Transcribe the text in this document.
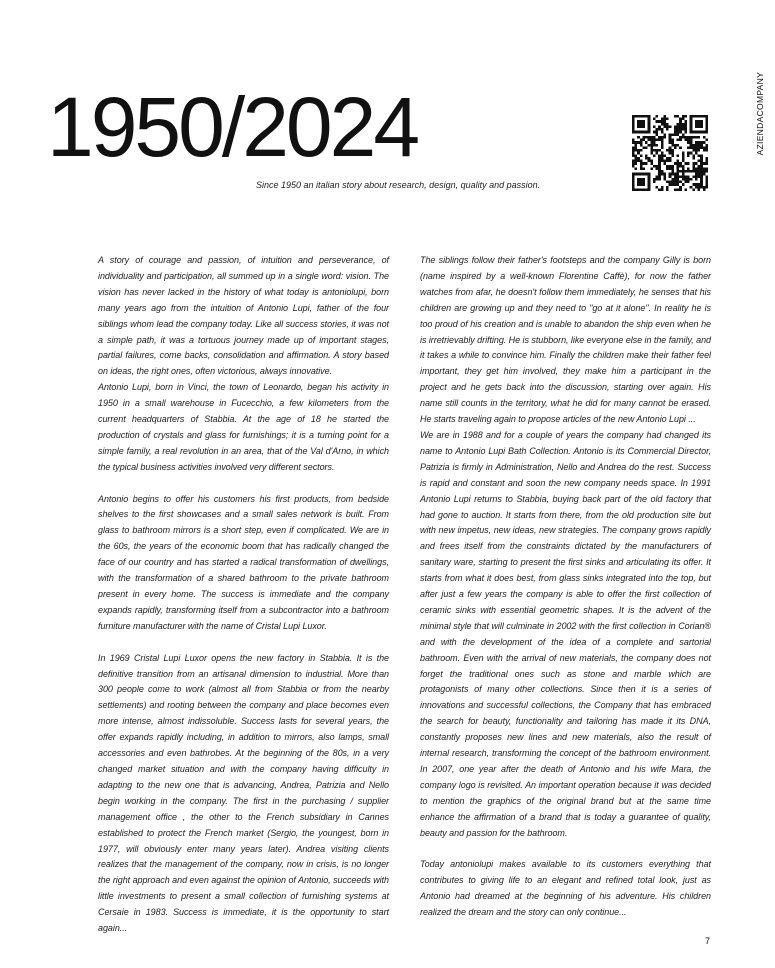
AZIENDA
COMPANY
1950/2024
Since 1950 an italian story about research, design, quality and passion.

A story of courage and passion, of intuition and perseverance, of individuality and participation, all summed up in a single word: vision. The vision has never lacked in the history of what today is antoniolupi, born many years ago from the intuition of Antonio Lupi, father of the four siblings whom lead the company today. Like all success stories, it was not a simple path, it was a tortuous journey made up of important stages, partial failures, come backs, consolidation and affirmation. A story based on ideas, the right ones, often victorious, always innovative.

Antonio Lupi, born in Vinci, the town of Leonardo, began his activity in 1950 in a small warehouse in Fucecchio, a few kilometers from the current headquarters of Stabbia. At the age of 18 he started the production of crystals and glass for furnishings; it is a turning point for a simple family, a real revolution in an area, that of the Val d'Arno, in which the typical business activities involved very different sectors.

Antonio begins to offer his customers his first products, from bedside shelves to the first showcases and a small sales network is built. From glass to bathroom mirrors is a short step, even if complicated. We are in the 60s, the years of the economic boom that has radically changed the face of our country and has started a radical transformation of dwellings, with the transformation of a shared bathroom to the private bathroom present in every home. The success is immediate and the company expands rapidly, transforming itself from a subcontractor into a bathroom furniture manufacturer with the name of Cristal Lupi Luxor.

In 1969 Cristal Lupi Luxor opens the new factory in Stabbia. It is the definitive transition from an artisanal dimension to industrial. More than 300 people come to work (almost all from Stabbia or from the nearby settlements) and rooting between the company and place becomes even more intense, almost indissoluble. Success lasts for several years, the offer expands rapidly including, in addition to mirrors, also lamps, small accessories and even bathrobes. At the beginning of the 80s, in a very changed market situation and with the company having difficulty in adapting to the new one that is advancing, Andrea, Patrizia and Nello begin working in the company. The first in the purchasing / supplier management office , the other to the French subsidiary in Cannes established to protect the French market (Sergio, the youngest, born in 1977, will obviously enter many years later). Andrea visiting clients realizes that the management of the company, now in crisis, is no longer the right approach and even against the opinion of Antonio, succeeds with little investments to present a small collection of furnishing systems at Cersaie in 1983. Success is immediate, it is the opportunity to start again...

The siblings follow their father's footsteps and the company Gilly is born (name inspired by a well-known Florentine Caffè), for now the father watches from afar, he doesn't follow them immediately, he senses that his children are growing up and they need to "go at it alone". In reality he is too proud of his creation and is unable to abandon the ship even when he is irretrievably drifting. He is stubborn, like everyone else in the family, and it takes a while to convince him. Finally the children make their father feel important, they get him involved, they make him a participant in the project and he gets back into the discussion, starting over again. His name still counts in the territory, what he did for many cannot be erased. He starts traveling again to propose articles of the new Antonio Lupi ...

We are in 1988 and for a couple of years the company had changed its name to Antonio Lupi Bath Collection. Antonio is its Commercial Director, Patrizia is firmly in Administration, Nello and Andrea do the rest. Success is rapid and constant and soon the new company needs space. In 1991 Antonio Lupi returns to Stabbia, buying back part of the old factory that had gone to auction. It starts from there, from the old production site but with new impetus, new ideas, new strategies. The company grows rapidly and frees itself from the constraints dictated by the manufacturers of sanitary ware, starting to present the first sinks and articulating its offer. It starts from what it does best, from glass sinks integrated into the top, but after just a few years the company is able to offer the first collection of ceramic sinks with essential geometric shapes. It is the advent of the minimal style that will culminate in 2002 with the first collection in Corian® and with the development of the idea of a complete and sartorial bathroom. Even with the arrival of new materials, the company does not forget the traditional ones such as stone and marble which are protagonists of many other collections. Since then it is a series of innovations and successful collections, the Company that has embraced the search for beauty, functionality and tailoring has made it its DNA, constantly proposes new lines and new materials, also the result of internal research, transforming the concept of the bathroom environment. In 2007, one year after the death of Antonio and his wife Mara, the company logo is revisited. An important operation because it was decided to mention the graphics of the original brand but at the same time enhance the affirmation of a brand that is today a guarantee of quality, beauty and passion for the bathroom.

Today antoniolupi makes available to its customers everything that contributes to giving life to an elegant and refined total look, just as Antonio had dreamed at the beginning of his adventure. His children realized the dream and the story can only continue...

7
